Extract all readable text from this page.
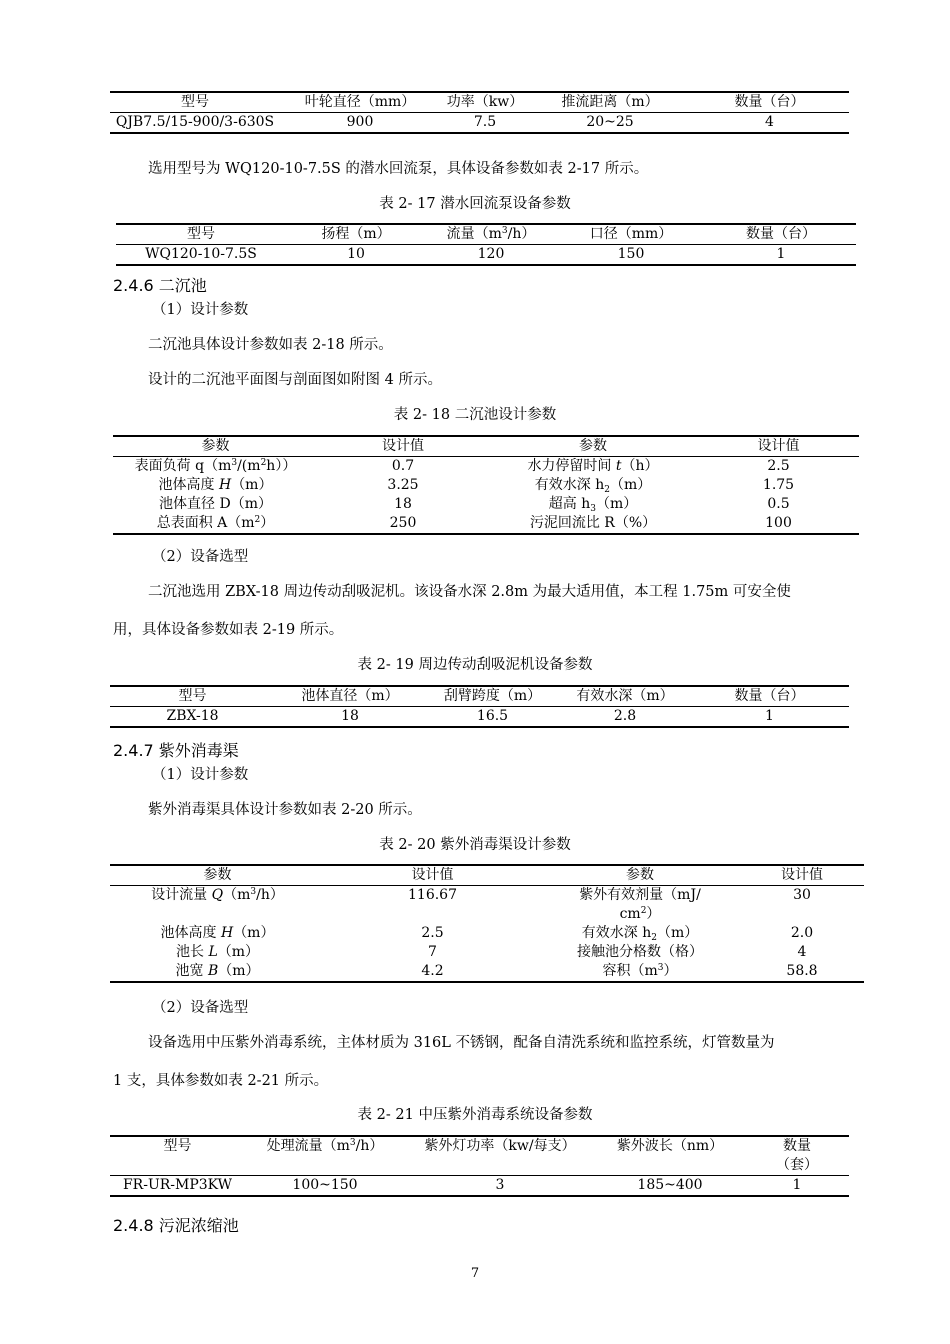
型号	叶轮直径（mm）	功率（kw）	推流距离（m）	数量（台）
QJB7.5/15-900/3-630S	900	7.5	20~25	4
选用型号为 WQ120-10-7.5S 的潜水回流泵，具体设备参数如表 2-17 所示。
表 2- 17 潜水回流泵设备参数
型号	扬程（m）	流量$(m^3/h)$	口径（mm）	数量（台）
WQ120-10-7.5S	10	120	150	1
2.4.6 二沉池
（1）设计参数
二沉池具体设计参数如表 2-18 所示。
设计的二沉池平面图与剖面图如附图 4 所示。
表 2- 18 二沉池设计参数
参数	设计值	参数	设计值
表面负荷 $q(m^3/(m^2h))$	0.7	水力停留时间 t（h）	2.5
池体高度 H（m）	3.25	有效水深 $h_2(m)$	1.75
池体直径 D（m）	18	超高 $h_3(m)$	0.5
总表面积 $A(m^2)$	250	污泥回流比 R（%）	100
（2）设备选型
二沉池选用 ZBX-18 周边传动刮吸泥机。该设备水深 2.8m 为最大适用值，本工程 1.75m 可安全使
用，具体设备参数如表 2-19 所示。
表 2- 19 周边传动刮吸泥机设备参数
型号	池体直径（m）	刮臂跨度（m）	有效水深（m）	数量（台）
ZBX-18	18	16.5	2.8	1
2.4.7 紫外消毒渠
（1）设计参数
紫外消毒渠具体设计参数如表 2-20 所示。
表 2- 20 紫外消毒渠设计参数
参数	设计值	参数	设计值
设计流量 $Q(m^3/h)$	116.67	紫外有效剂量（mJ/
$cm^2$）	30
池体高度 H（m）	2.5	有效水深 $h_2(m)$	2.0
池长 L（m）	7	接触池分格数（格）	4
池宽 B（m）	4.2	容积$(m^3)$	58.8
（2）设备选型
设备选用中压紫外消毒系统，主体材质为 316L 不锈钢，配备自清洗系统和监控系统，灯管数量为
1 支，具体参数如表 2-21 所示。
表 2- 21 中压紫外消毒系统设备参数
型号	处理流量$(m^3/h)$	紫外灯功率（kw/每支）	紫外波长（nm）	数量
（套）
FR-UR-MP3KW	100~150	3	185~400	1
2.4.8 污泥浓缩池
7
